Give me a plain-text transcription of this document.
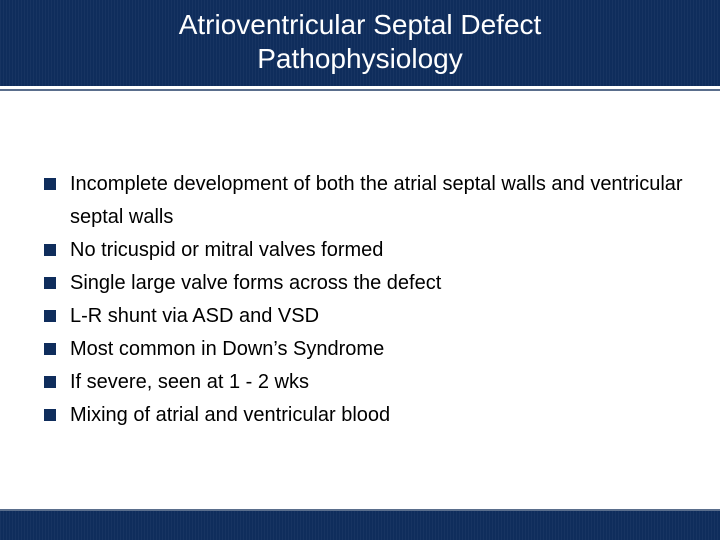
Atrioventricular Septal Defect
Pathophysiology
Incomplete development of both the atrial septal walls and ventricular septal walls
No tricuspid or mitral valves formed
Single large valve forms across the defect
L-R shunt via ASD and VSD
Most common in Down’s Syndrome
If severe, seen at 1 - 2 wks
Mixing of atrial and ventricular blood
